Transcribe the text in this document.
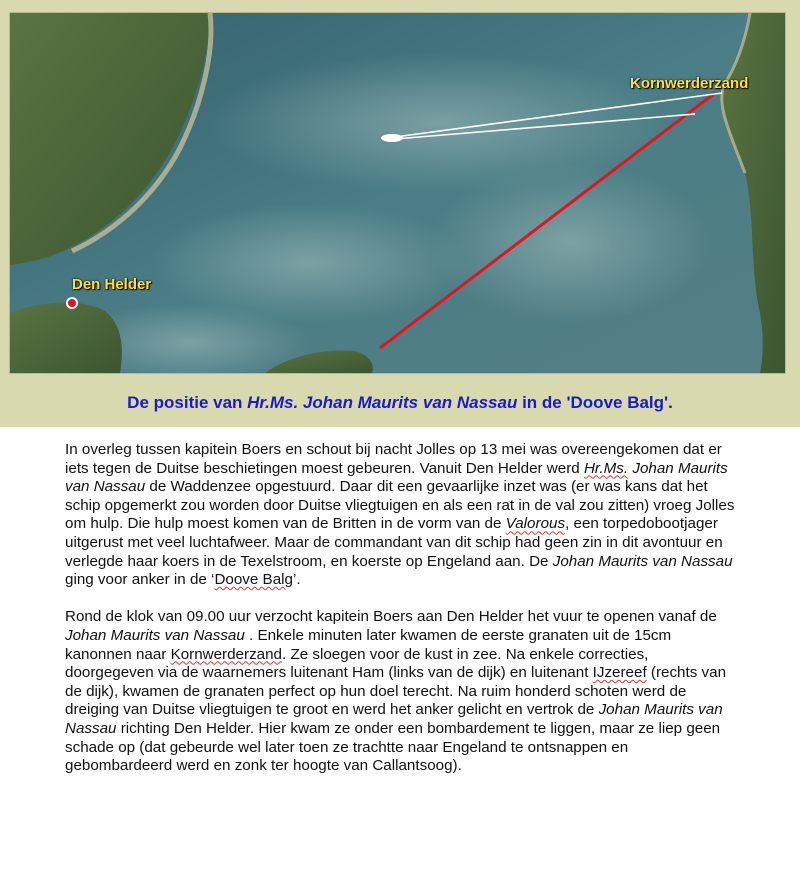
Kornwerderzand
Den Helder
De positie van Hr.Ms. Johan Maurits van Nassau in de 'Doove Balg'.

In overleg tussen kapitein Boers en schout bij nacht Jolles op 13 mei was overeengekomen dat er iets tegen de Duitse beschietingen moest gebeuren. Vanuit Den Helder werd Hr.Ms. Johan Maurits van Nassau de Waddenzee opgestuurd. Daar dit een gevaarlijke inzet was (er was kans dat het schip opgemerkt zou worden door Duitse vliegtuigen en als een rat in de val zou zitten) vroeg Jolles om hulp. Die hulp moest komen van de Britten in de vorm van de Valorous, een torpedobootjager uitgerust met veel luchtafweer. Maar de commandant van dit schip had geen zin in dit avontuur en verlegde haar koers in de Texelstroom, en koerste op Engeland aan. De Johan Maurits van Nassau ging voor anker in de ‘Doove Balg’.

Rond de klok van 09.00 uur verzocht kapitein Boers aan Den Helder het vuur te openen vanaf de Johan Maurits van Nassau . Enkele minuten later kwamen de eerste granaten uit de 15cm kanonnen naar Kornwerderzand. Ze sloegen voor de kust in zee. Na enkele correcties, doorgegeven via de waarnemers luitenant Ham (links van de dijk) en luitenant IJzereef (rechts van de dijk), kwamen de granaten perfect op hun doel terecht. Na ruim honderd schoten werd de dreiging van Duitse vliegtuigen te groot en werd het anker gelicht en vertrok de Johan Maurits van Nassau richting Den Helder. Hier kwam ze onder een bombardement te liggen, maar ze liep geen schade op (dat gebeurde wel later toen ze trachtte naar Engeland te ontsnappen en gebombardeerd werd en zonk ter hoogte van Callantsoog).
